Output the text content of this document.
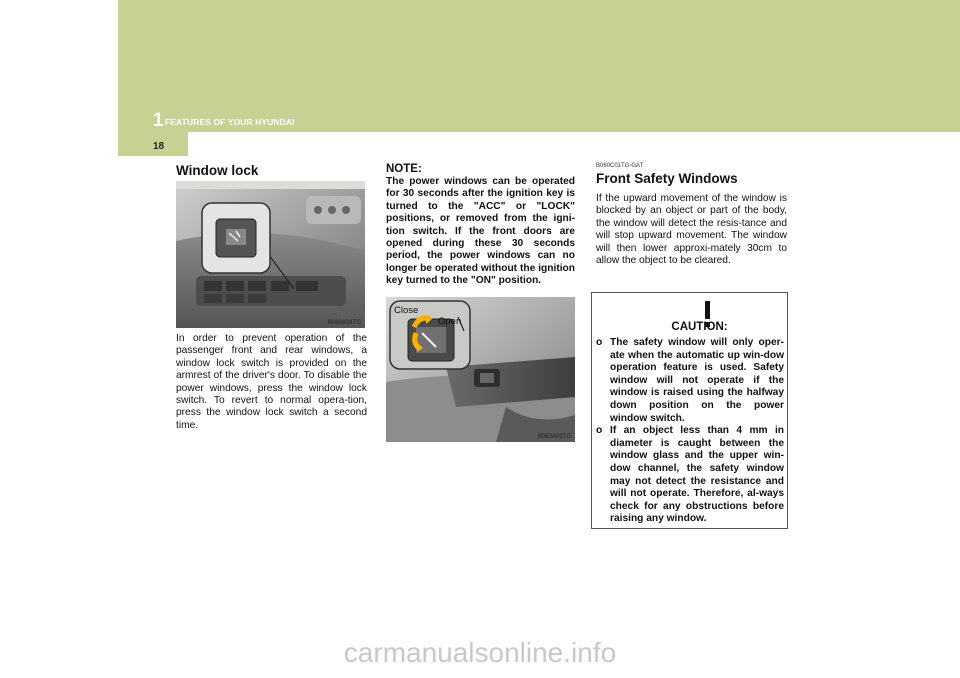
1 FEATURES OF YOUR HYUNDAI
18
Window lock
B060A04TG

In order to prevent operation of the passenger front and rear windows, a window lock switch is provided on the armrest of the driver's door. To disable the power windows, press the window lock switch. To revert to normal opera-tion, press the window lock switch a second time.

NOTE:

The power windows can be operated for 30 seconds after the ignition key is turned to the "ACC" or "LOCK" positions, or removed from the igni-tion switch. If the front doors are opened during these 30 seconds period, the power windows can no longer be operated without the ignition key turned to the "ON" position.

Close
Open
B060A03TG
B060C01TG-GAT
Front Safety Windows

If the upward movement of the window is blocked by an object or part of the body, the window will detect the resis-tance and will stop upward movement. The window will then lower approxi-mately 30cm to allow the object to be cleared.

CAUTION:
o The safety window will only oper-ate when the automatic up win-dow operation feature is used. Safety window will not operate if the window is raised using the halfway down position on the power window switch.
o If an object less than 4 mm in diameter is caught between the window glass and the upper win-dow channel, the safety window may not detect the resistance and will not operate. Therefore, al-ways check for any obstructions before raising any window.
carmanualsonline.info
